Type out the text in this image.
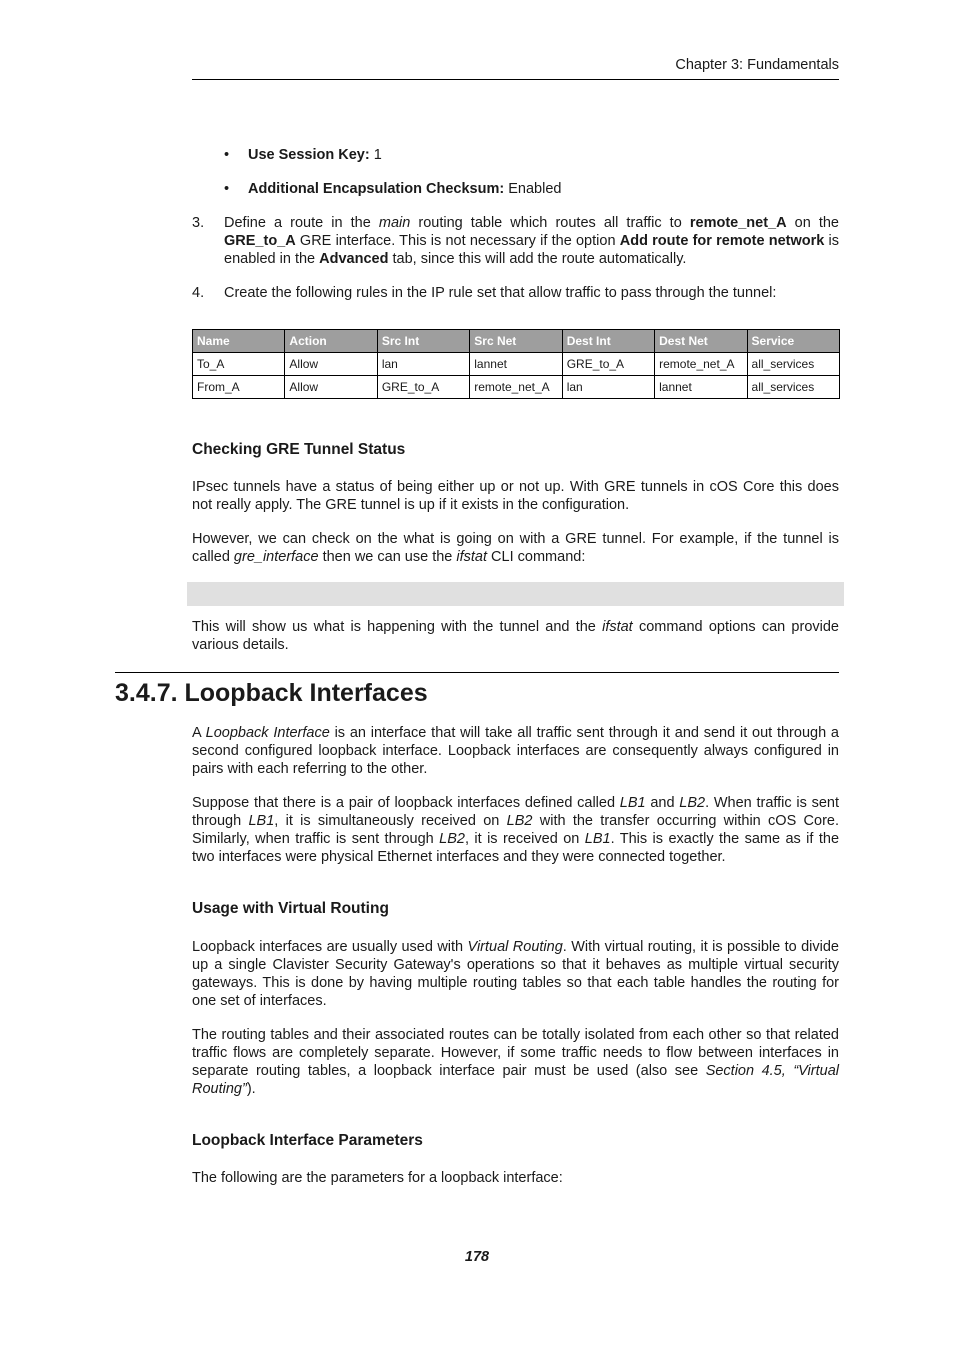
Chapter 3: Fundamentals
• Use Session Key: 1
• Additional Encapsulation Checksum: Enabled
3.	Define a route in the main routing table which routes all traffic to remote_net_A on the GRE_to_A GRE interface. This is not necessary if the option Add route for remote network is enabled in the Advanced tab, since this will add the route automatically.
4.	Create the following rules in the IP rule set that allow traffic to pass through the tunnel:
Name	Action	Src Int	Src Net	Dest Int	Dest Net	Service
To_A	Allow	lan	lannet	GRE_to_A	remote_net_A	all_services
From_A	Allow	GRE_to_A	remote_net_A	lan	lannet	all_services
Checking GRE Tunnel Status
IPsec tunnels have a status of being either up or not up. With GRE tunnels in cOS Core this does not really apply. The GRE tunnel is up if it exists in the configuration.
However, we can check on the what is going on with a GRE tunnel. For example, if the tunnel is called gre_interface then we can use the ifstat CLI command:
This will show us what is happening with the tunnel and the ifstat command options can provide various details.
3.4.7. Loopback Interfaces
A Loopback Interface is an interface that will take all traffic sent through it and send it out through a second configured loopback interface. Loopback interfaces are consequently always configured in pairs with each referring to the other.
Suppose that there is a pair of loopback interfaces defined called LB1 and LB2. When traffic is sent through LB1, it is simultaneously received on LB2 with the transfer occurring within cOS Core. Similarly, when traffic is sent through LB2, it is received on LB1. This is exactly the same as if the two interfaces were physical Ethernet interfaces and they were connected together.
Usage with Virtual Routing
Loopback interfaces are usually used with Virtual Routing. With virtual routing, it is possible to divide up a single Clavister Security Gateway's operations so that it behaves as multiple virtual security gateways. This is done by having multiple routing tables so that each table handles the routing for one set of interfaces.
The routing tables and their associated routes can be totally isolated from each other so that related traffic flows are completely separate. However, if some traffic needs to flow between interfaces in separate routing tables, a loopback interface pair must be used (also see Section 4.5, “Virtual Routing”).
Loopback Interface Parameters
The following are the parameters for a loopback interface:
178
